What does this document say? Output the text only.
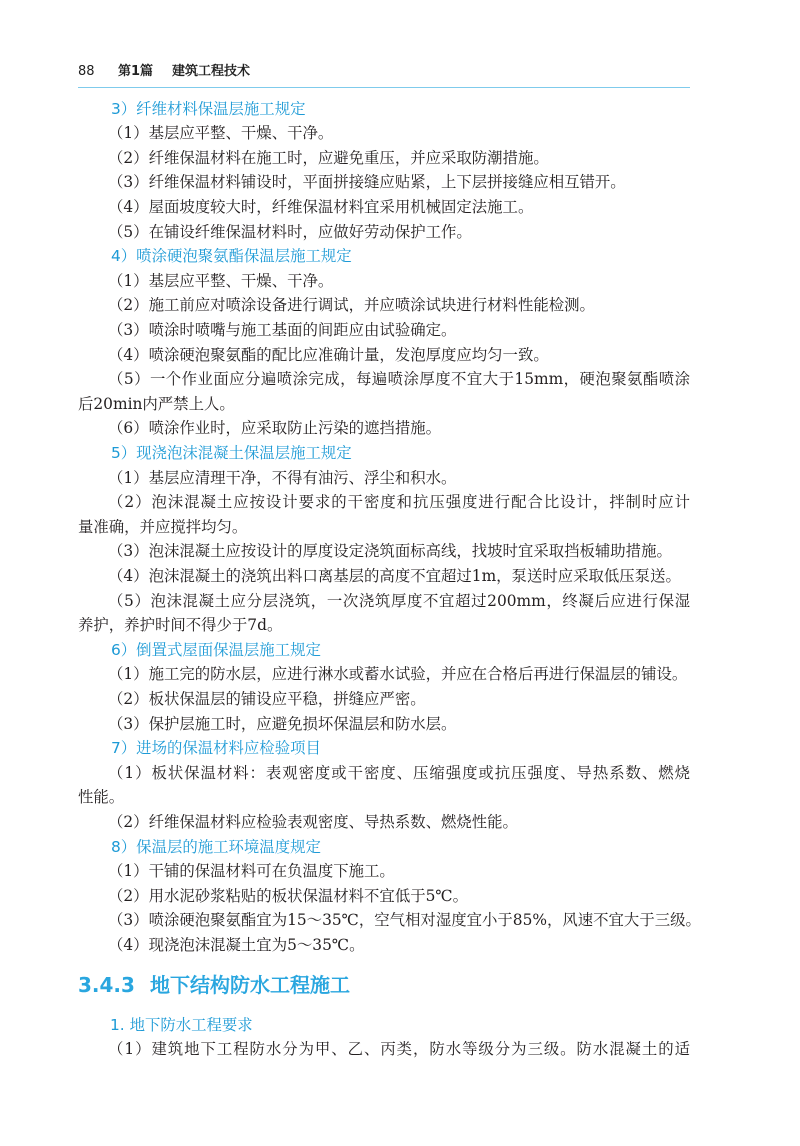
88 第1篇 建筑工程技术
3）纤维材料保温层施工规定
（1）基层应平整、干燥、干净。
（2）纤维保温材料在施工时，应避免重压，并应采取防潮措施。
（3）纤维保温材料铺设时，平面拼接缝应贴紧，上下层拼接缝应相互错开。
（4）屋面坡度较大时，纤维保温材料宜采用机械固定法施工。
（5）在铺设纤维保温材料时，应做好劳动保护工作。
4）喷涂硬泡聚氨酯保温层施工规定
（1）基层应平整、干燥、干净。
（2）施工前应对喷涂设备进行调试，并应喷涂试块进行材料性能检测。
（3）喷涂时喷嘴与施工基面的间距应由试验确定。
（4）喷涂硬泡聚氨酯的配比应准确计量，发泡厚度应均匀一致。
（5）一个作业面应分遍喷涂完成，每遍喷涂厚度不宜大于15mm，硬泡聚氨酯喷涂
后20min内严禁上人。
（6）喷涂作业时，应采取防止污染的遮挡措施。
5）现浇泡沫混凝土保温层施工规定
（1）基层应清理干净，不得有油污、浮尘和积水。
（2）泡沫混凝土应按设计要求的干密度和抗压强度进行配合比设计，拌制时应计
量准确，并应搅拌均匀。
（3）泡沫混凝土应按设计的厚度设定浇筑面标高线，找坡时宜采取挡板辅助措施。
（4）泡沫混凝土的浇筑出料口离基层的高度不宜超过1m，泵送时应采取低压泵送。
（5）泡沫混凝土应分层浇筑，一次浇筑厚度不宜超过200mm，终凝后应进行保湿
养护，养护时间不得少于7d。
6）倒置式屋面保温层施工规定
（1）施工完的防水层，应进行淋水或蓄水试验，并应在合格后再进行保温层的铺设。
（2）板状保温层的铺设应平稳，拼缝应严密。
（3）保护层施工时，应避免损坏保温层和防水层。
7）进场的保温材料应检验项目
（1）板状保温材料：表观密度或干密度、压缩强度或抗压强度、导热系数、燃烧
性能。
（2）纤维保温材料应检验表观密度、导热系数、燃烧性能。
8）保温层的施工环境温度规定
（1）干铺的保温材料可在负温度下施工。
（2）用水泥砂浆粘贴的板状保温材料不宜低于5℃。
（3）喷涂硬泡聚氨酯宜为15～35℃，空气相对湿度宜小于85%，风速不宜大于三级。
（4）现浇泡沫混凝土宜为5～35℃。
3.4.3 地下结构防水工程施工
1. 地下防水工程要求
（1）建筑地下工程防水分为甲、乙、丙类，防水等级分为三级。防水混凝土的适
